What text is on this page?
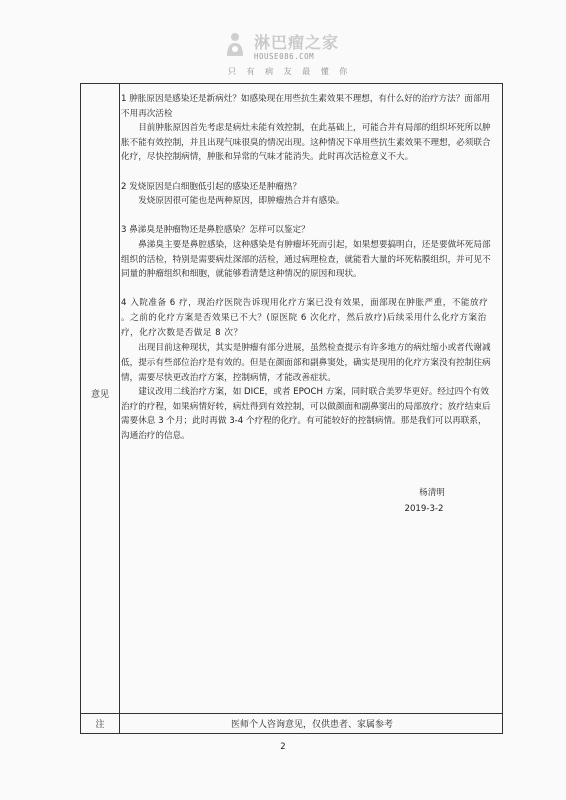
淋巴瘤之家
HOUSE086.COM
只 有 病 友 最 懂 你
意见
注	医师个人咨询意见，仅供患者、家属参考

1 肿胀原因是感染还是新病灶？如感染现在用些抗生素效果不理想，有什么好的治疗方法？面部用不用再次活检

目前肿胀原因首先考虑是病灶未能有效控制，在此基础上，可能合并有局部的组织坏死所以肿胀不能有效控制，并且出现气味很臭的情况出现。这种情况下单用些抗生素效果不理想，必须联合化疗，尽快控制病情，肿胀和异常的气味才能消失。此时再次活检意义不大。

2 发烧原因是白细胞低引起的感染还是肿瘤热？

发烧原因很可能也是两种原因，即肿瘤热合并有感染。

3 鼻涕臭是肿瘤物还是鼻腔感染？怎样可以鉴定？

鼻涕臭主要是鼻腔感染，这种感染是有肿瘤坏死而引起，如果想要搞明白，还是要做坏死局部组织的活检，特别是需要病灶深部的活检，通过病理检查，就能看大量的坏死粘膜组织，并可见不同量的肿瘤组织和细胞，就能够看清楚这种情况的原因和现状。

4 入院准备 6 疗，现治疗医院告诉现用化疗方案已没有效果，面部现在肿胀严重，不能放疗 。之前的化疗方案是否效果已不大？(原医院 6 次化疗，然后放疗)后续采用什么化疗方案治疗，化疗次数是否做足 8 次？

出现目前这种现状，其实是肿瘤有部分进展，虽然检查提示有许多地方的病灶缩小或者代谢减低，提示有些部位治疗是有效的。但是在颜面部和副鼻窦处，确实是现用的化疗方案没有控制住病情，需要尽快更改治疗方案，控制病情，才能改善症状。

建议改用二线治疗方案，如 DICE，或者 EPOCH 方案，同时联合美罗华更好。经过四个有效治疗的疗程，如果病情好转，病灶得到有效控制，可以做颜面和副鼻窦出的局部放疗；放疗结束后需要休息 3 个月；此时再做 3-4 个疗程的化疗。有可能较好的控制病情。那是我们可以再联系，沟通治疗的信息。

杨清明
2019-3-2
2
